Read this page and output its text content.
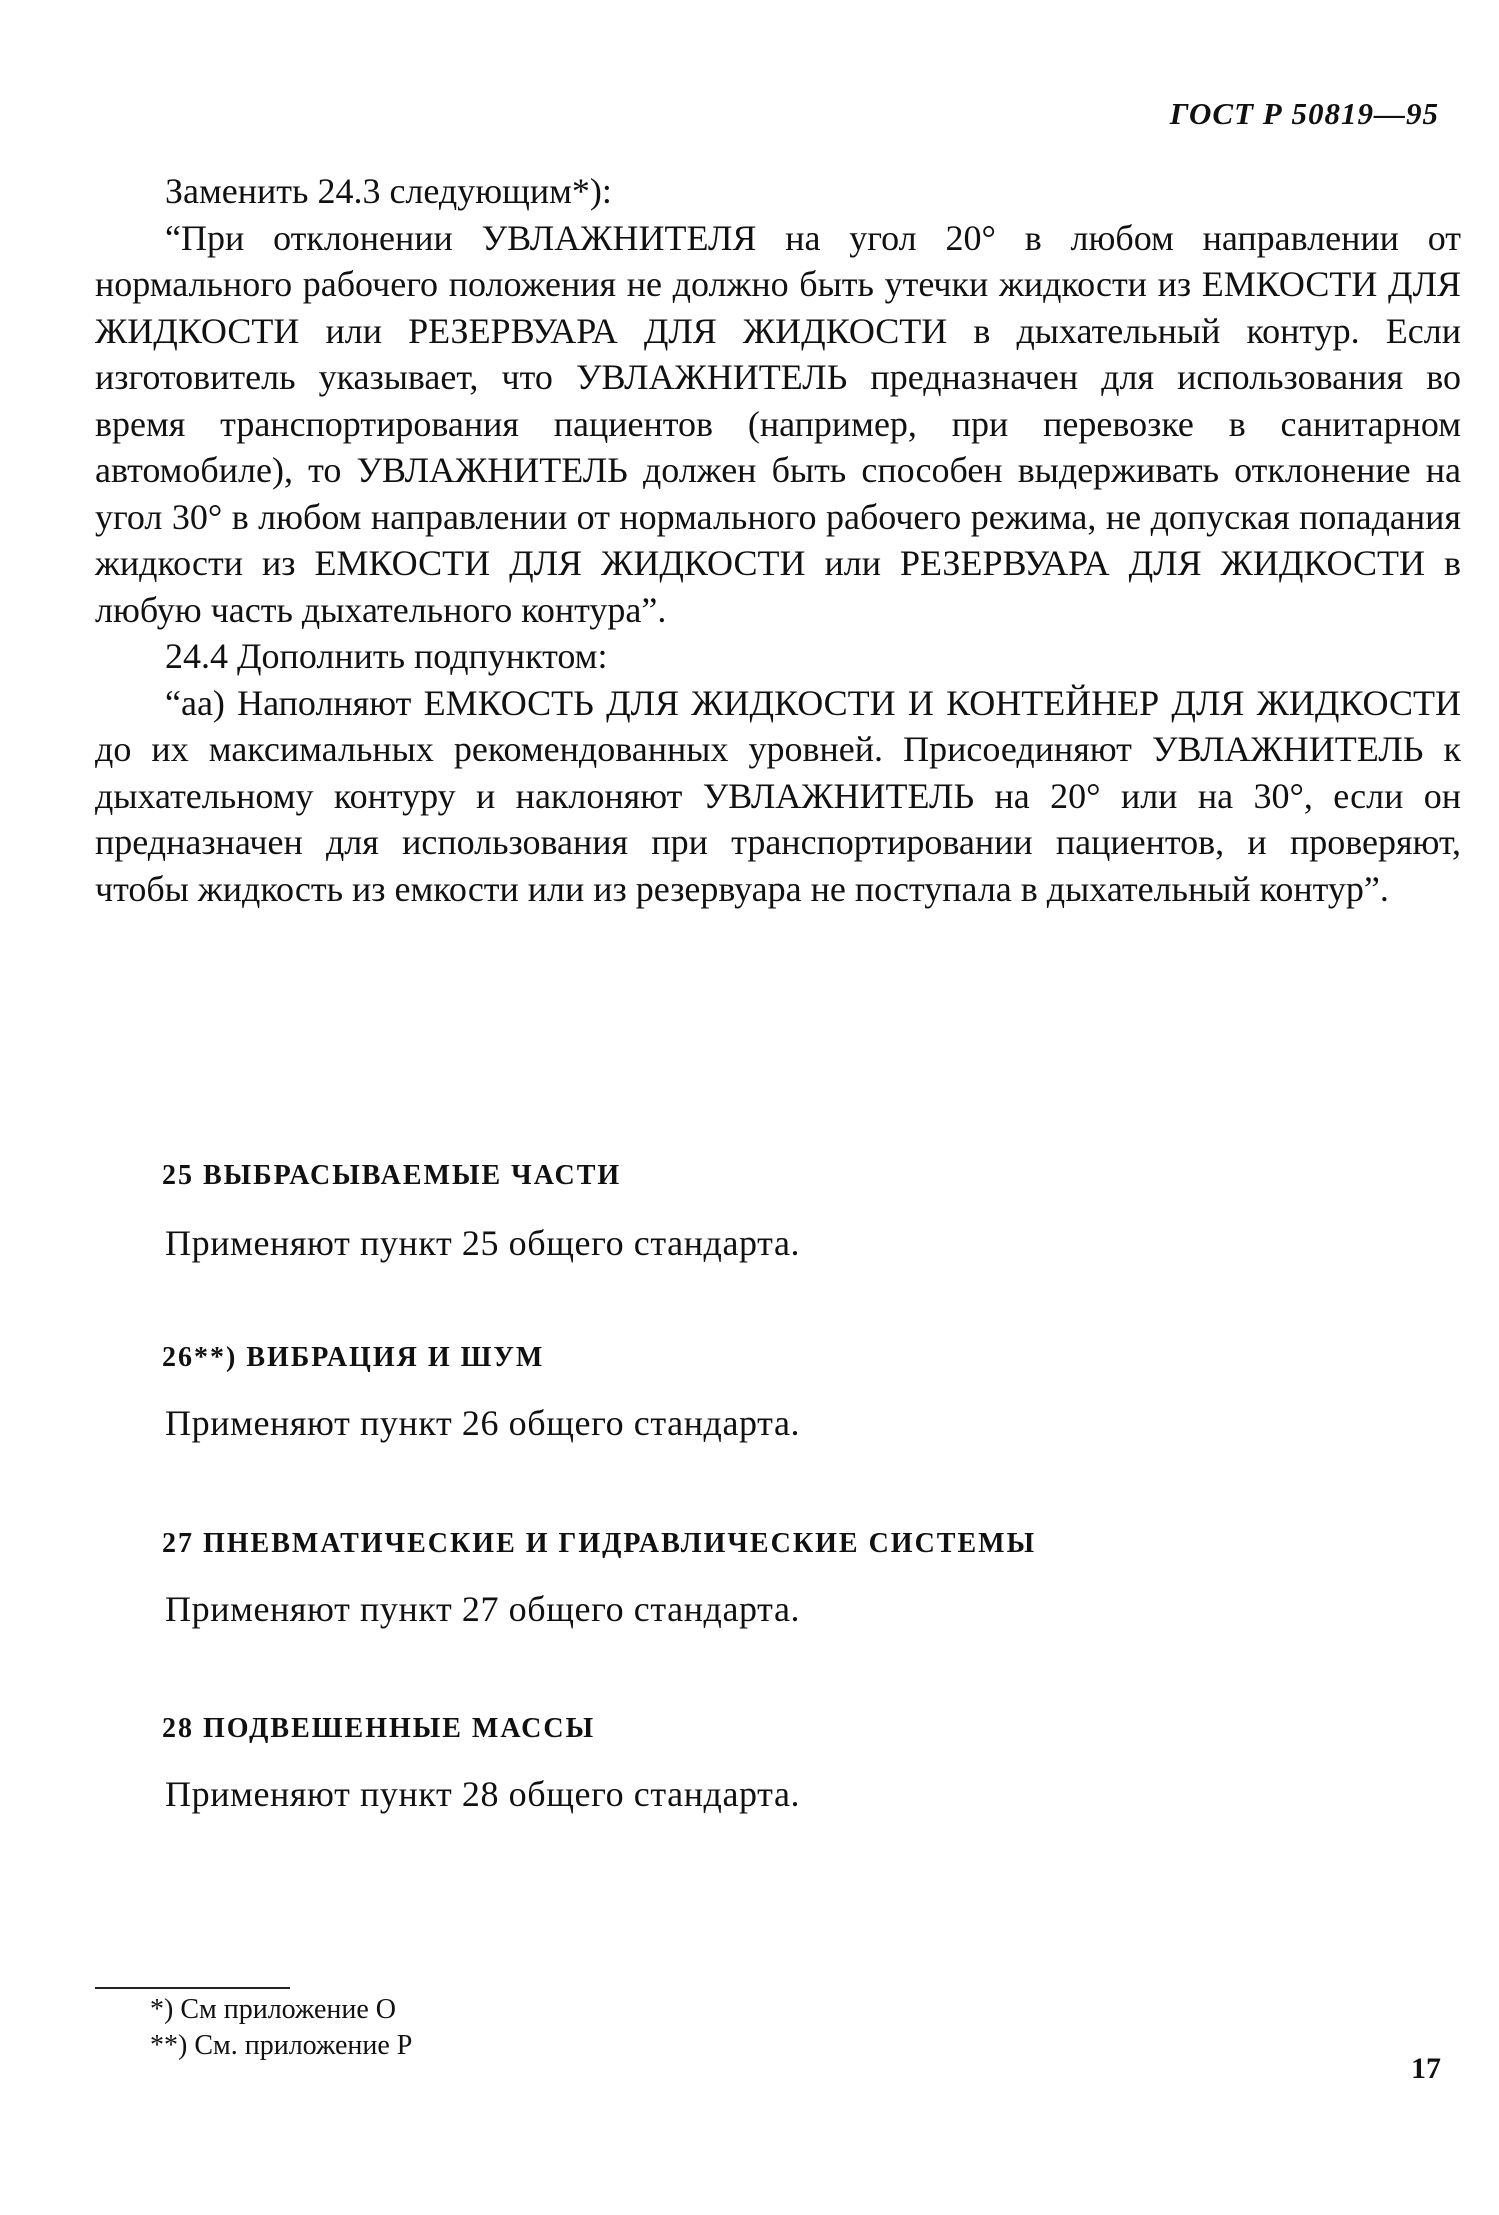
ГОСТ Р 50819—95

Заменить 24.3 следующим*):

“При отклонении УВЛАЖНИТЕЛЯ на угол 20° в любом направлении от нормального рабочего положения не должно быть утечки жидкости из ЕМКОСТИ ДЛЯ ЖИДКОСТИ или РЕЗЕРВУАРА ДЛЯ ЖИДКОСТИ в дыхательный контур. Если изготовитель указывает, что УВЛАЖНИТЕЛЬ предназначен для использования во время транспортирования пациентов (например, при перевозке в санитарном автомобиле), то УВЛАЖНИТЕЛЬ должен быть способен выдерживать отклонение на угол 30° в любом направлении от нормального рабочего режима, не допуская попадания жидкости из ЕМКОСТИ ДЛЯ ЖИДКОСТИ или РЕЗЕРВУАРА ДЛЯ ЖИДКОСТИ в любую часть дыхательного контура”.

24.4 Дополнить подпунктом:

“аа) Наполняют ЕМКОСТЬ ДЛЯ ЖИДКОСТИ И КОНТЕЙНЕР ДЛЯ ЖИДКОСТИ до их максимальных рекомендованных уровней. Присоединяют УВЛАЖНИТЕЛЬ к дыхательному контуру и наклоняют УВЛАЖНИТЕЛЬ на 20° или на 30°, если он предназначен для использования при транспортировании пациентов, и проверяют, чтобы жидкость из емкости или из резервуара не поступала в дыхательный контур”.

25 ВЫБРАСЫВАЕМЫЕ ЧАСТИ
Применяют пункт 25 общего стандарта.
26**) ВИБРАЦИЯ И ШУМ
Применяют пункт 26 общего стандарта.
27 ПНЕВМАТИЧЕСКИЕ И ГИДРАВЛИЧЕСКИЕ СИСТЕМЫ
Применяют пункт 27 общего стандарта.
28 ПОДВЕШЕННЫЕ МАССЫ
Применяют пункт 28 общего стандарта.
*) См приложение О
**) См. приложение Р
17
